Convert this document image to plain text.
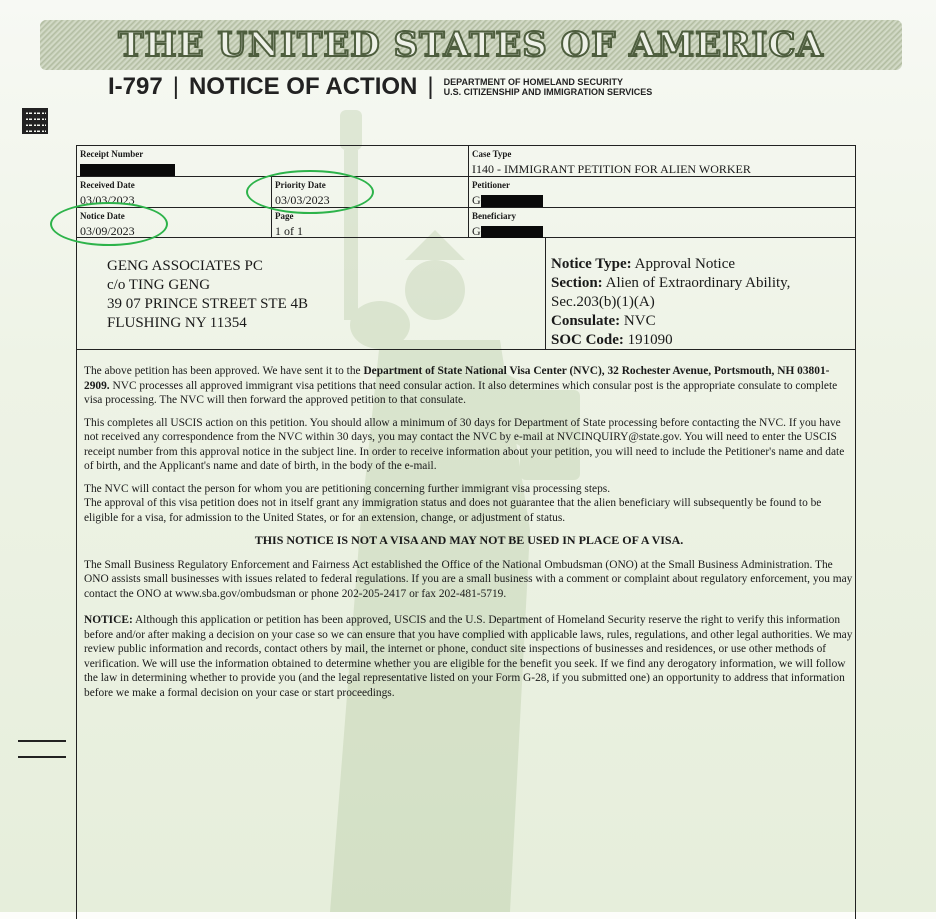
THE UNITED STATES OF AMERICA
I-797 | NOTICE OF ACTION | DEPARTMENT OF HOMELAND SECURITY
U.S. CITIZENSHIP AND IMMIGRATION SERVICES
Receipt Number	Case Type
I140 - IMMIGRANT PETITION FOR ALIEN WORKER
Received Date
03/03/2023
Priority Date
03/03/2023
Petitioner
G
Notice Date
03/09/2023
Page
1 of 1
Beneficiary
G
GENG ASSOCIATES PC
c/o TING GENG
39 07 PRINCE STREET STE 4B
FLUSHING NY 11354
Notice Type: Approval Notice
Section: Alien of Extraordinary Ability,
Sec.203(b)(1)(A)
Consulate: NVC
SOC Code: 191090

The above petition has been approved. We have sent it to the Department of State National Visa Center (NVC), 32 Rochester Avenue, Portsmouth, NH 03801-2909. NVC processes all approved immigrant visa petitions that need consular action. It also determines which consular post is the appropriate consulate to complete visa processing. The NVC will then forward the approved petition to that consulate.

This completes all USCIS action on this petition. You should allow a minimum of 30 days for Department of State processing before contacting the NVC. If you have not received any correspondence from the NVC within 30 days, you may contact the NVC by e-mail at NVCINQUIRY@state.gov. You will need to enter the USCIS receipt number from this approval notice in the subject line. In order to receive information about your petition, you will need to include the Petitioner's name and date of birth, and the Applicant's name and date of birth, in the body of the e-mail.

The NVC will contact the person for whom you are petitioning concerning further immigrant visa processing steps.

The approval of this visa petition does not in itself grant any immigration status and does not guarantee that the alien beneficiary will subsequently be found to be eligible for a visa, for admission to the United States, or for an extension, change, or adjustment of status.

THIS NOTICE IS NOT A VISA AND MAY NOT BE USED IN PLACE OF A VISA.

The Small Business Regulatory Enforcement and Fairness Act established the Office of the National Ombudsman (ONO) at the Small Business Administration. The ONO assists small businesses with issues related to federal regulations. If you are a small business with a comment or complaint about regulatory enforcement, you may contact the ONO at www.sba.gov/ombudsman or phone 202-205-2417 or fax 202-481-5719.

NOTICE: Although this application or petition has been approved, USCIS and the U.S. Department of Homeland Security reserve the right to verify this information before and/or after making a decision on your case so we can ensure that you have complied with applicable laws, rules, regulations, and other legal authorities. We may review public information and records, contact others by mail, the internet or phone, conduct site inspections of businesses and residences, or use other methods of verification. We will use the information obtained to determine whether you are eligible for the benefit you seek. If we find any derogatory information, we will follow the law in determining whether to provide you (and the legal representative listed on your Form G-28, if you submitted one) an opportunity to address that information before we make a formal decision on your case or start proceedings.
